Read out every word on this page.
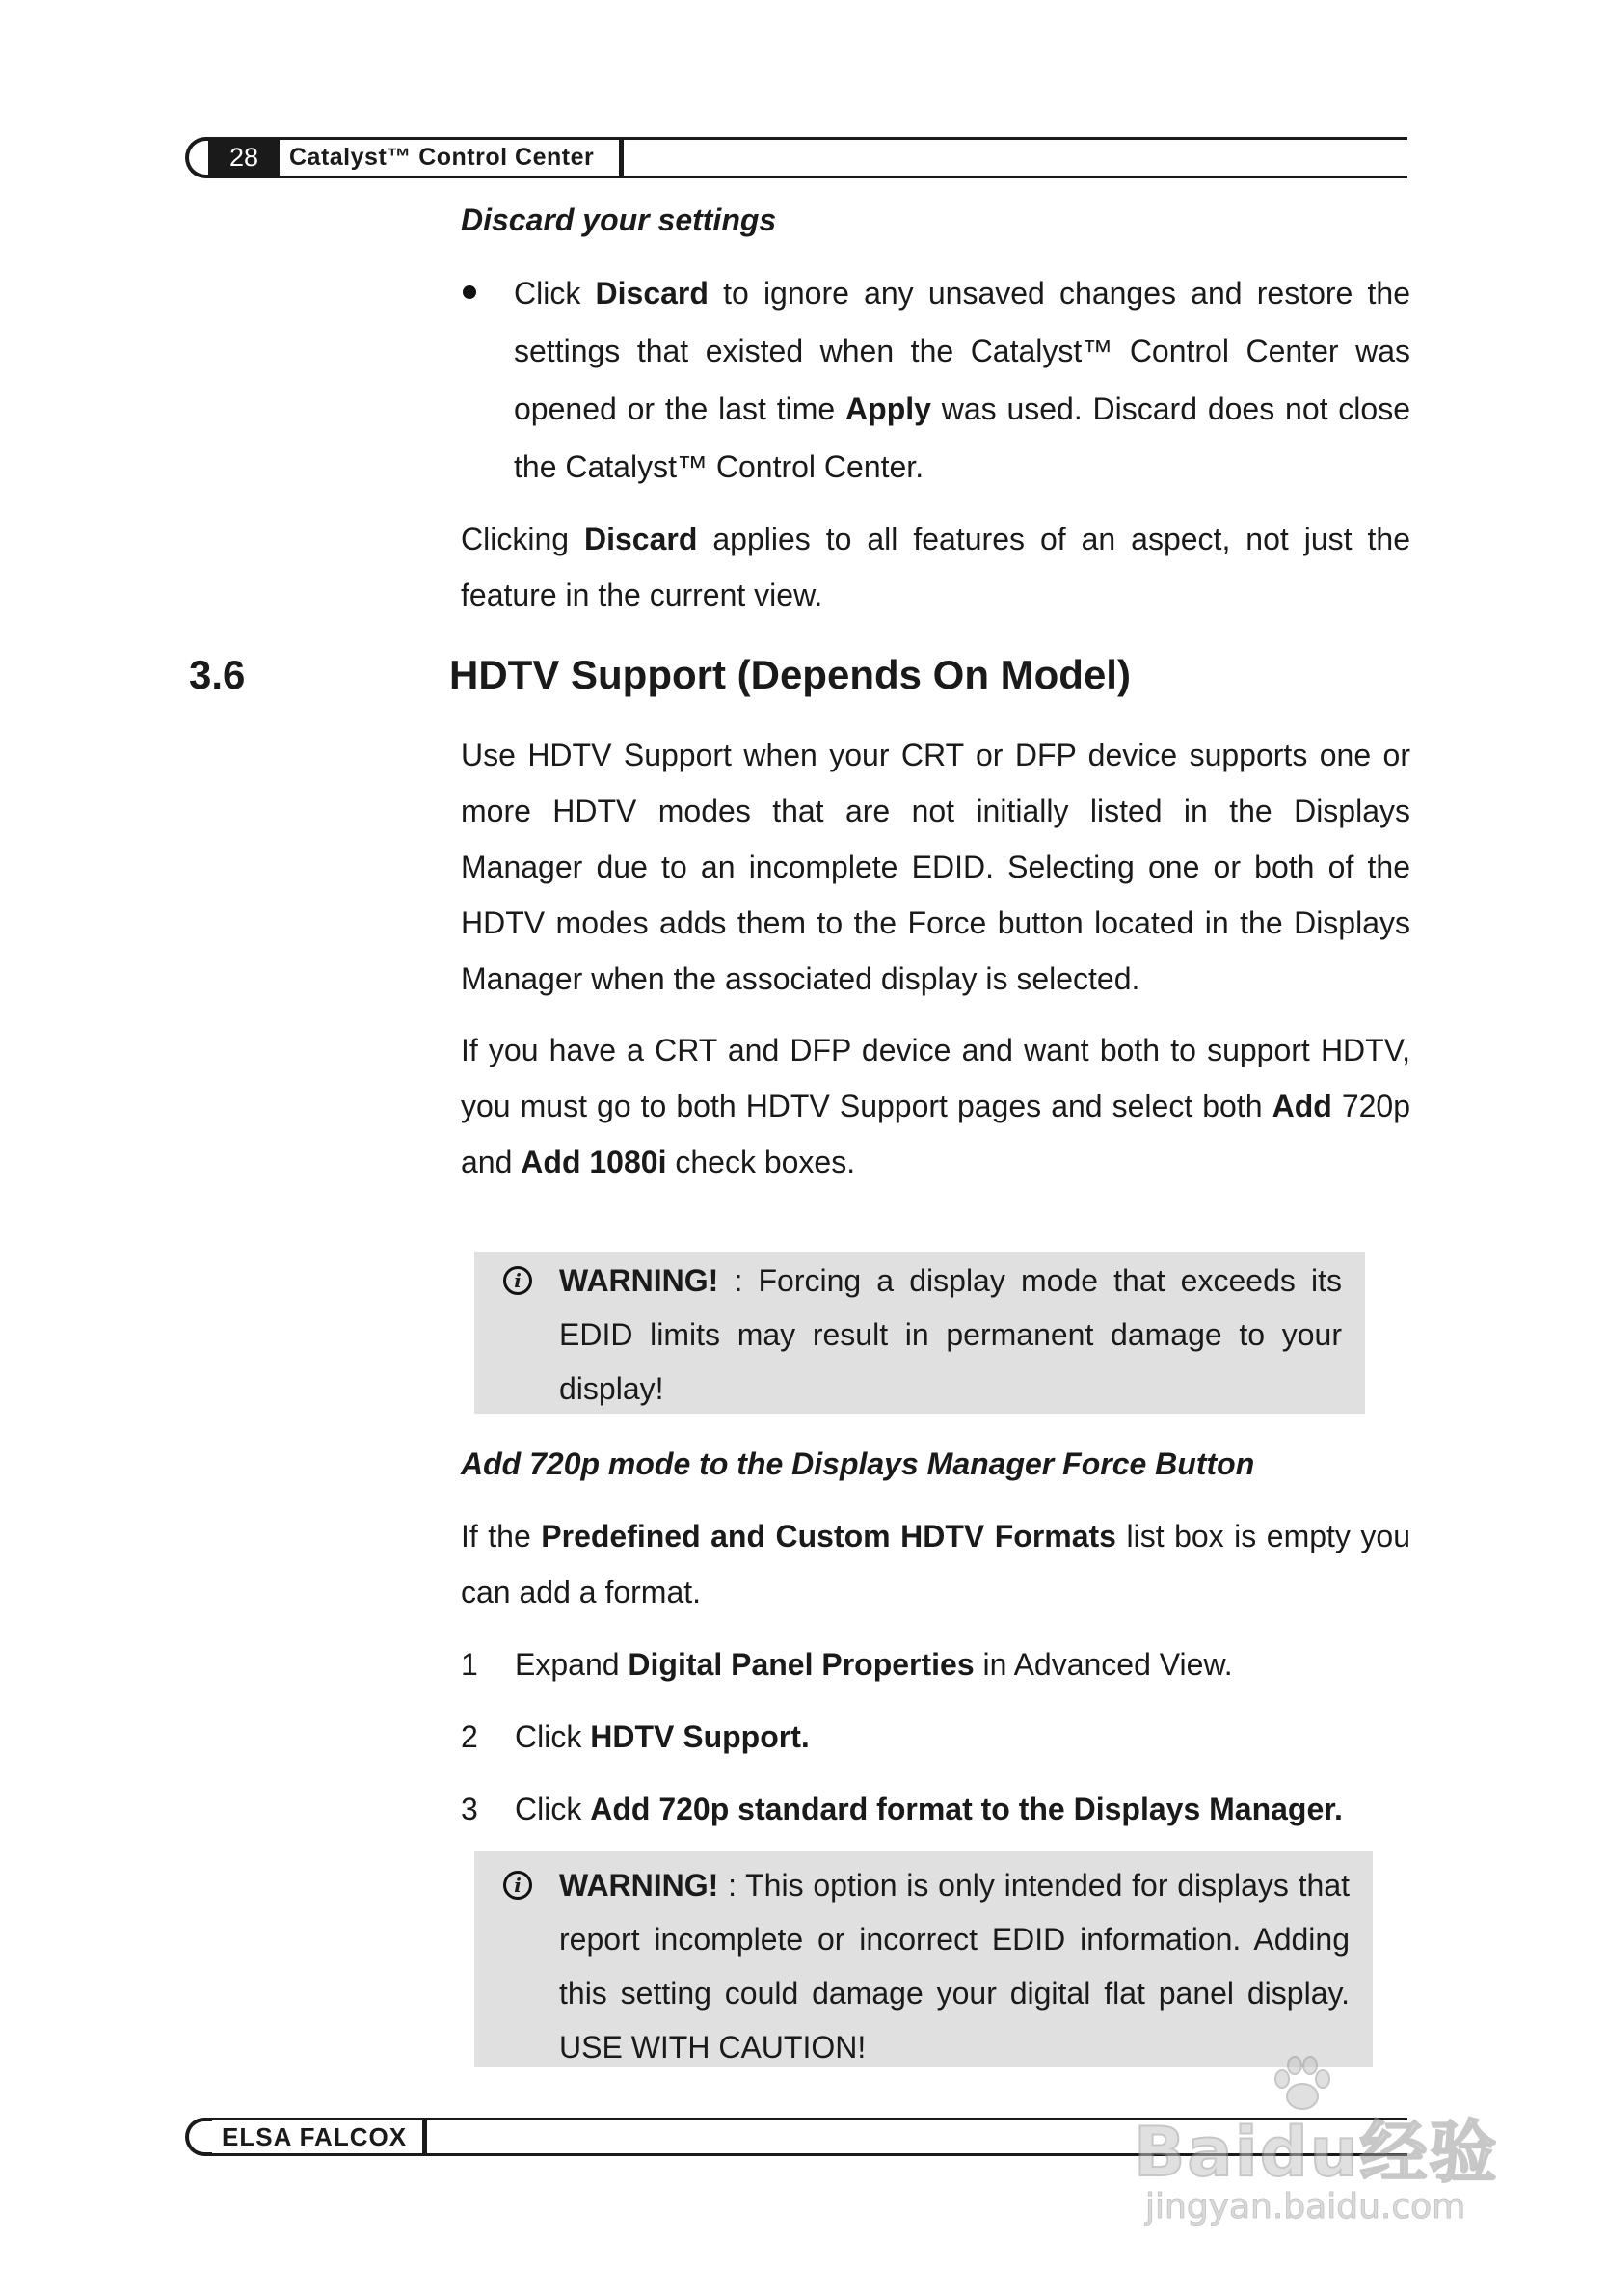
28	Catalyst™ Control Center
Discard your settings
Click Discard to ignore any unsaved changes and restore the settings that existed when the Catalyst™ Control Center was opened or the last time Apply was used. Discard does not close the Catalyst™ Control Center.
Clicking Discard applies to all features of an aspect, not just the feature in the current view.
3.6	HDTV Support (Depends On Model)
Use HDTV Support when your CRT or DFP device supports one or more HDTV modes that are not initially listed in the Displays Manager due to an incomplete EDID. Selecting one or both of the HDTV modes adds them to the Force button located in the Displays Manager when the associated display is selected.
If you have a CRT and DFP device and want both to support HDTV, you must go to both HDTV Support pages and select both Add 720p and Add 1080i check boxes.
i	WARNING! : Forcing a display mode that exceeds its EDID limits may result in permanent damage to your display!
Add 720p mode to the Displays Manager Force Button
If the Predefined and Custom HDTV Formats list box is empty you can add a format.
1 Expand Digital Panel Properties in Advanced View.
2 Click HDTV Support.
3 Click Add 720p standard format to the Displays Manager.
i	WARNING! : This option is only intended for displays that report incomplete or incorrect EDID information. Adding this setting could damage your digital flat panel display. USE WITH CAUTION!
ELSA FALCOX	Baidu经验
jingyan.baidu.com
